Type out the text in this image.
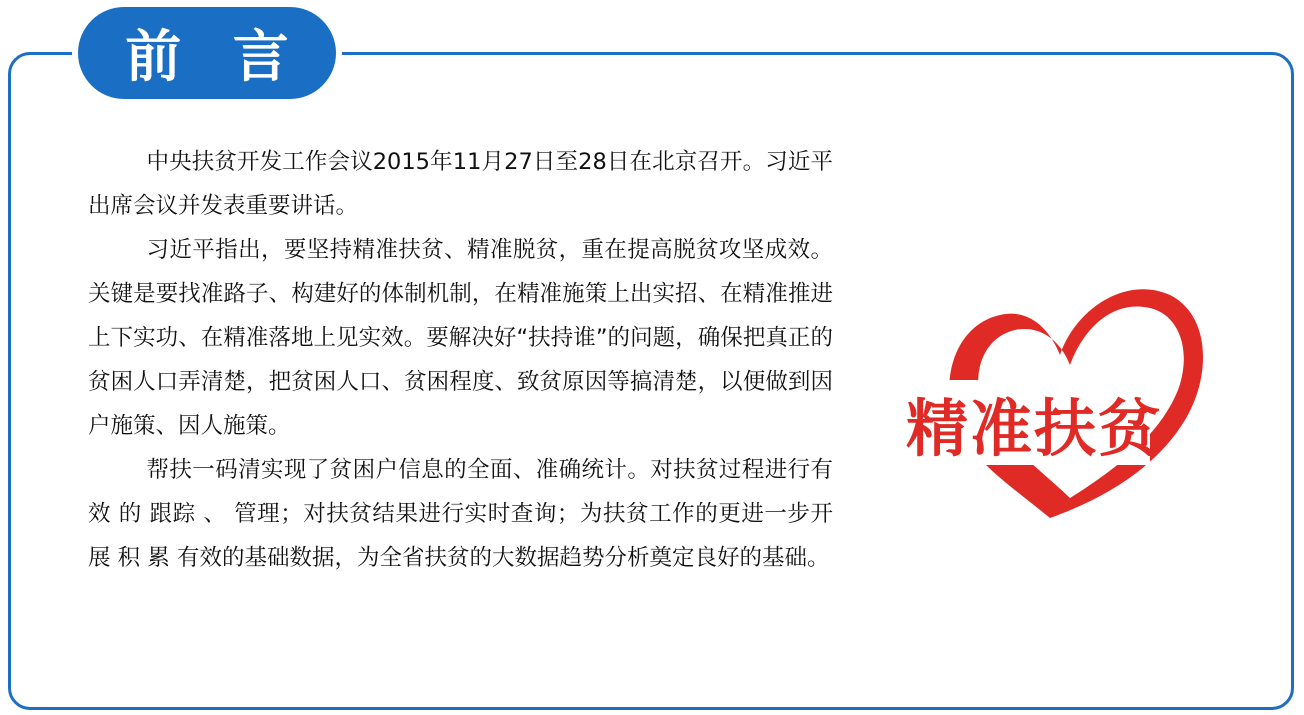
前 言

中央扶贫开发工作会议2015年11月27日至28日在北京召开。习近平出席会议并发表重要讲话。

习近平指出，要坚持精准扶贫、精准脱贫，重在提高脱贫攻坚成效。关键是要找准路子、构建好的体制机制，在精准施策上出实招、在精准推进上下实功、在精准落地上见实效。要解决好“扶持谁”的问题，确保把真正的贫困人口弄清楚，把贫困人口、贫困程度、致贫原因等搞清楚，以便做到因户施策、因人施策。

帮扶一码清实现了贫困户信息的全面、准确统计。对扶贫过程进行有效 的 跟踪 、 管理；对扶贫结果进行实时查询；为扶贫工作的更进一步开展 积 累 有效的基础数据，为全省扶贫的大数据趋势分析奠定良好的基础。

精准扶贫
